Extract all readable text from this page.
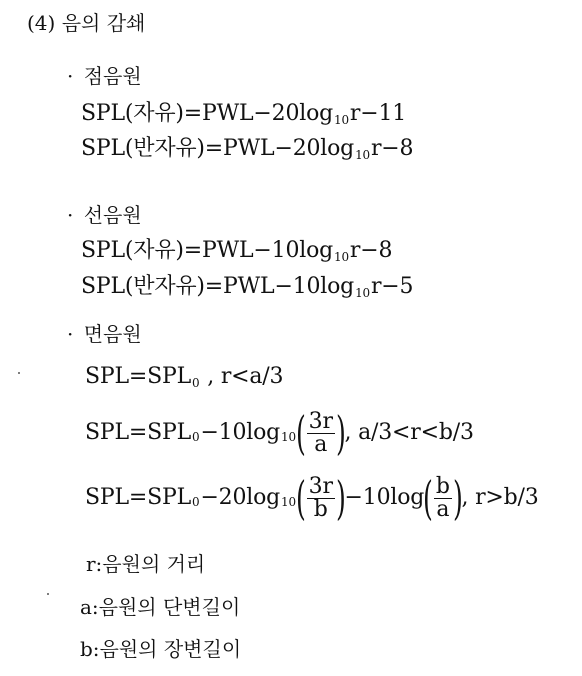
(4) 음의 감쇄
· 점음원
SPL(자유)=PWL−20log10r−11
SPL(반자유)=PWL−20log10r−8
· 선음원
SPL(자유)=PWL−10log10r−8
SPL(반자유)=PWL−10log10r−5
· 면음원
SPL=SPL0 , r<a/3
SPL=SPL 0 −10log 10 ( $\frac{3r}{a}$ )
, a/3<r<b/3
SPL=SPL 0 −20log 10 ( $\frac{3r}{b}$ )
−10log
( $\frac{b}{a}$ )
, r>b/3
r:음원의 거리
a:음원의 단변길이
b:음원의 장변길이
